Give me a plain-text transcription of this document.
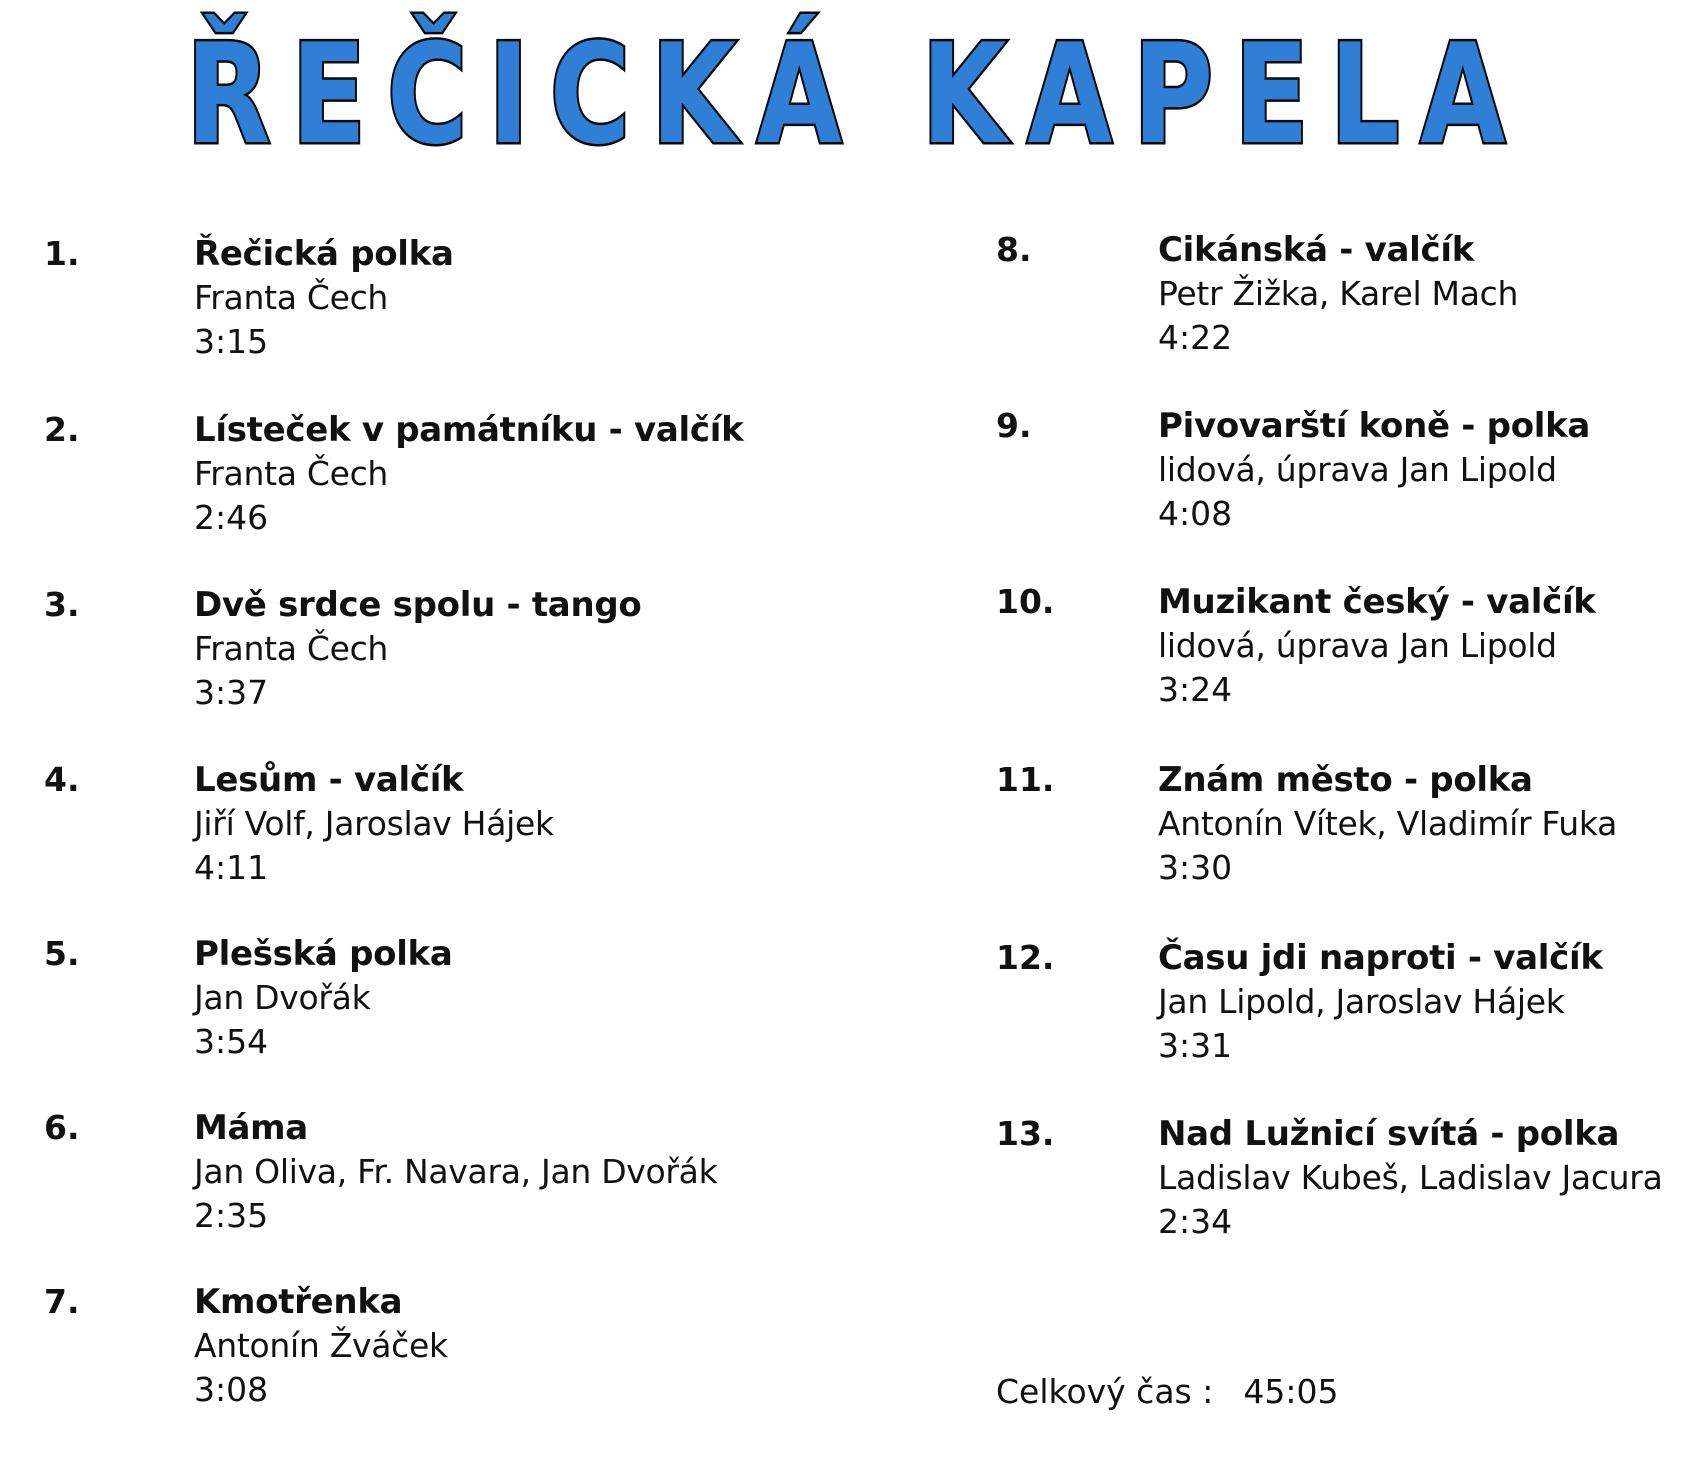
ŘEČICKÁ KAPELA
1.	Řečická polka
Franta Čech
3:15
2.	Lísteček v památníku - valčík
Franta Čech
2:46
3.	Dvě srdce spolu - tango
Franta Čech
3:37
4.	Lesům - valčík
Jiří Volf, Jaroslav Hájek
4:11
5.	Plešská polka
Jan Dvořák
3:54
6.	Máma
Jan Oliva, Fr. Navara, Jan Dvořák
2:35
7.	Kmotřenka
Antonín Žváček
3:08
8.	Cikánská - valčík
Petr Žižka, Karel Mach
4:22
9.	Pivovarští koně - polka
lidová, úprava Jan Lipold
4:08
10.	Muzikant český - valčík
lidová, úprava Jan Lipold
3:24
11.	Znám město - polka
Antonín Vítek, Vladimír Fuka
3:30
12.	Času jdi naproti - valčík
Jan Lipold, Jaroslav Hájek
3:31
13.	Nad Lužnicí svítá - polka
Ladislav Kubeš, Ladislav Jacura
2:34
Celkový čas : 45:05
